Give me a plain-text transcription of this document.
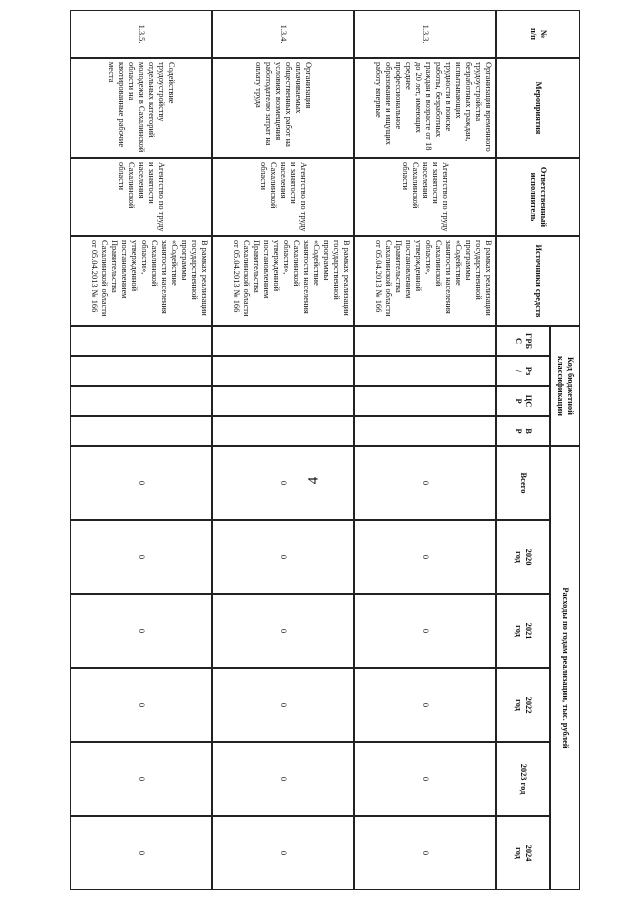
4
№
п/п
Мероприятия
Ответственный
исполнитель
Источники средств
Код бюджетной
классификации
ГРБ
С
Рз
/
ЦС
Р
В
Р
Расходы по годам реализации, тыс. рублей
Всего
2020
год
2021
год
2022
год
2023 год
2024
год
1.3.3.
Организация временного трудоустройства безработных граждан, испытывающих трудности в поиске работы, безработных граждан в возрасте от 18 до 20 лет, имеющих среднее профессиональное образование и ищущих работу впервые
Агентство по труду и занятости населения Сахалинской области
В рамках реализации государственной программы «Содействие занятости населения Сахалинской области», утвержденной постановлением Правительства Сахалинской области от 05.04.2013 № 166
0
0
0
0
0
0
1.3.4.
Организация оплачиваемых общественных работ на условиях возмещения работодателю затрат на оплату труда
Агентство по труду и занятости населения Сахалинской области
В рамках реализации государственной программы «Содействие занятости населения Сахалинской области», утвержденной постановлением Правительства Сахалинской области от 05.04.2013 № 166
0
0
0
0
0
0
1.3.5.
Содействие трудоустройству отдельных категорий молодежи в Сахалинской области на квотированные рабочие места
Агентство по труду и занятости населения Сахалинской области
В рамках реализации государственной программы «Содействие занятости населения Сахалинской области», утвержденной постановлением Правительства Сахалинской области от 05.04.2013 № 166
0
0
0
0
0
0
